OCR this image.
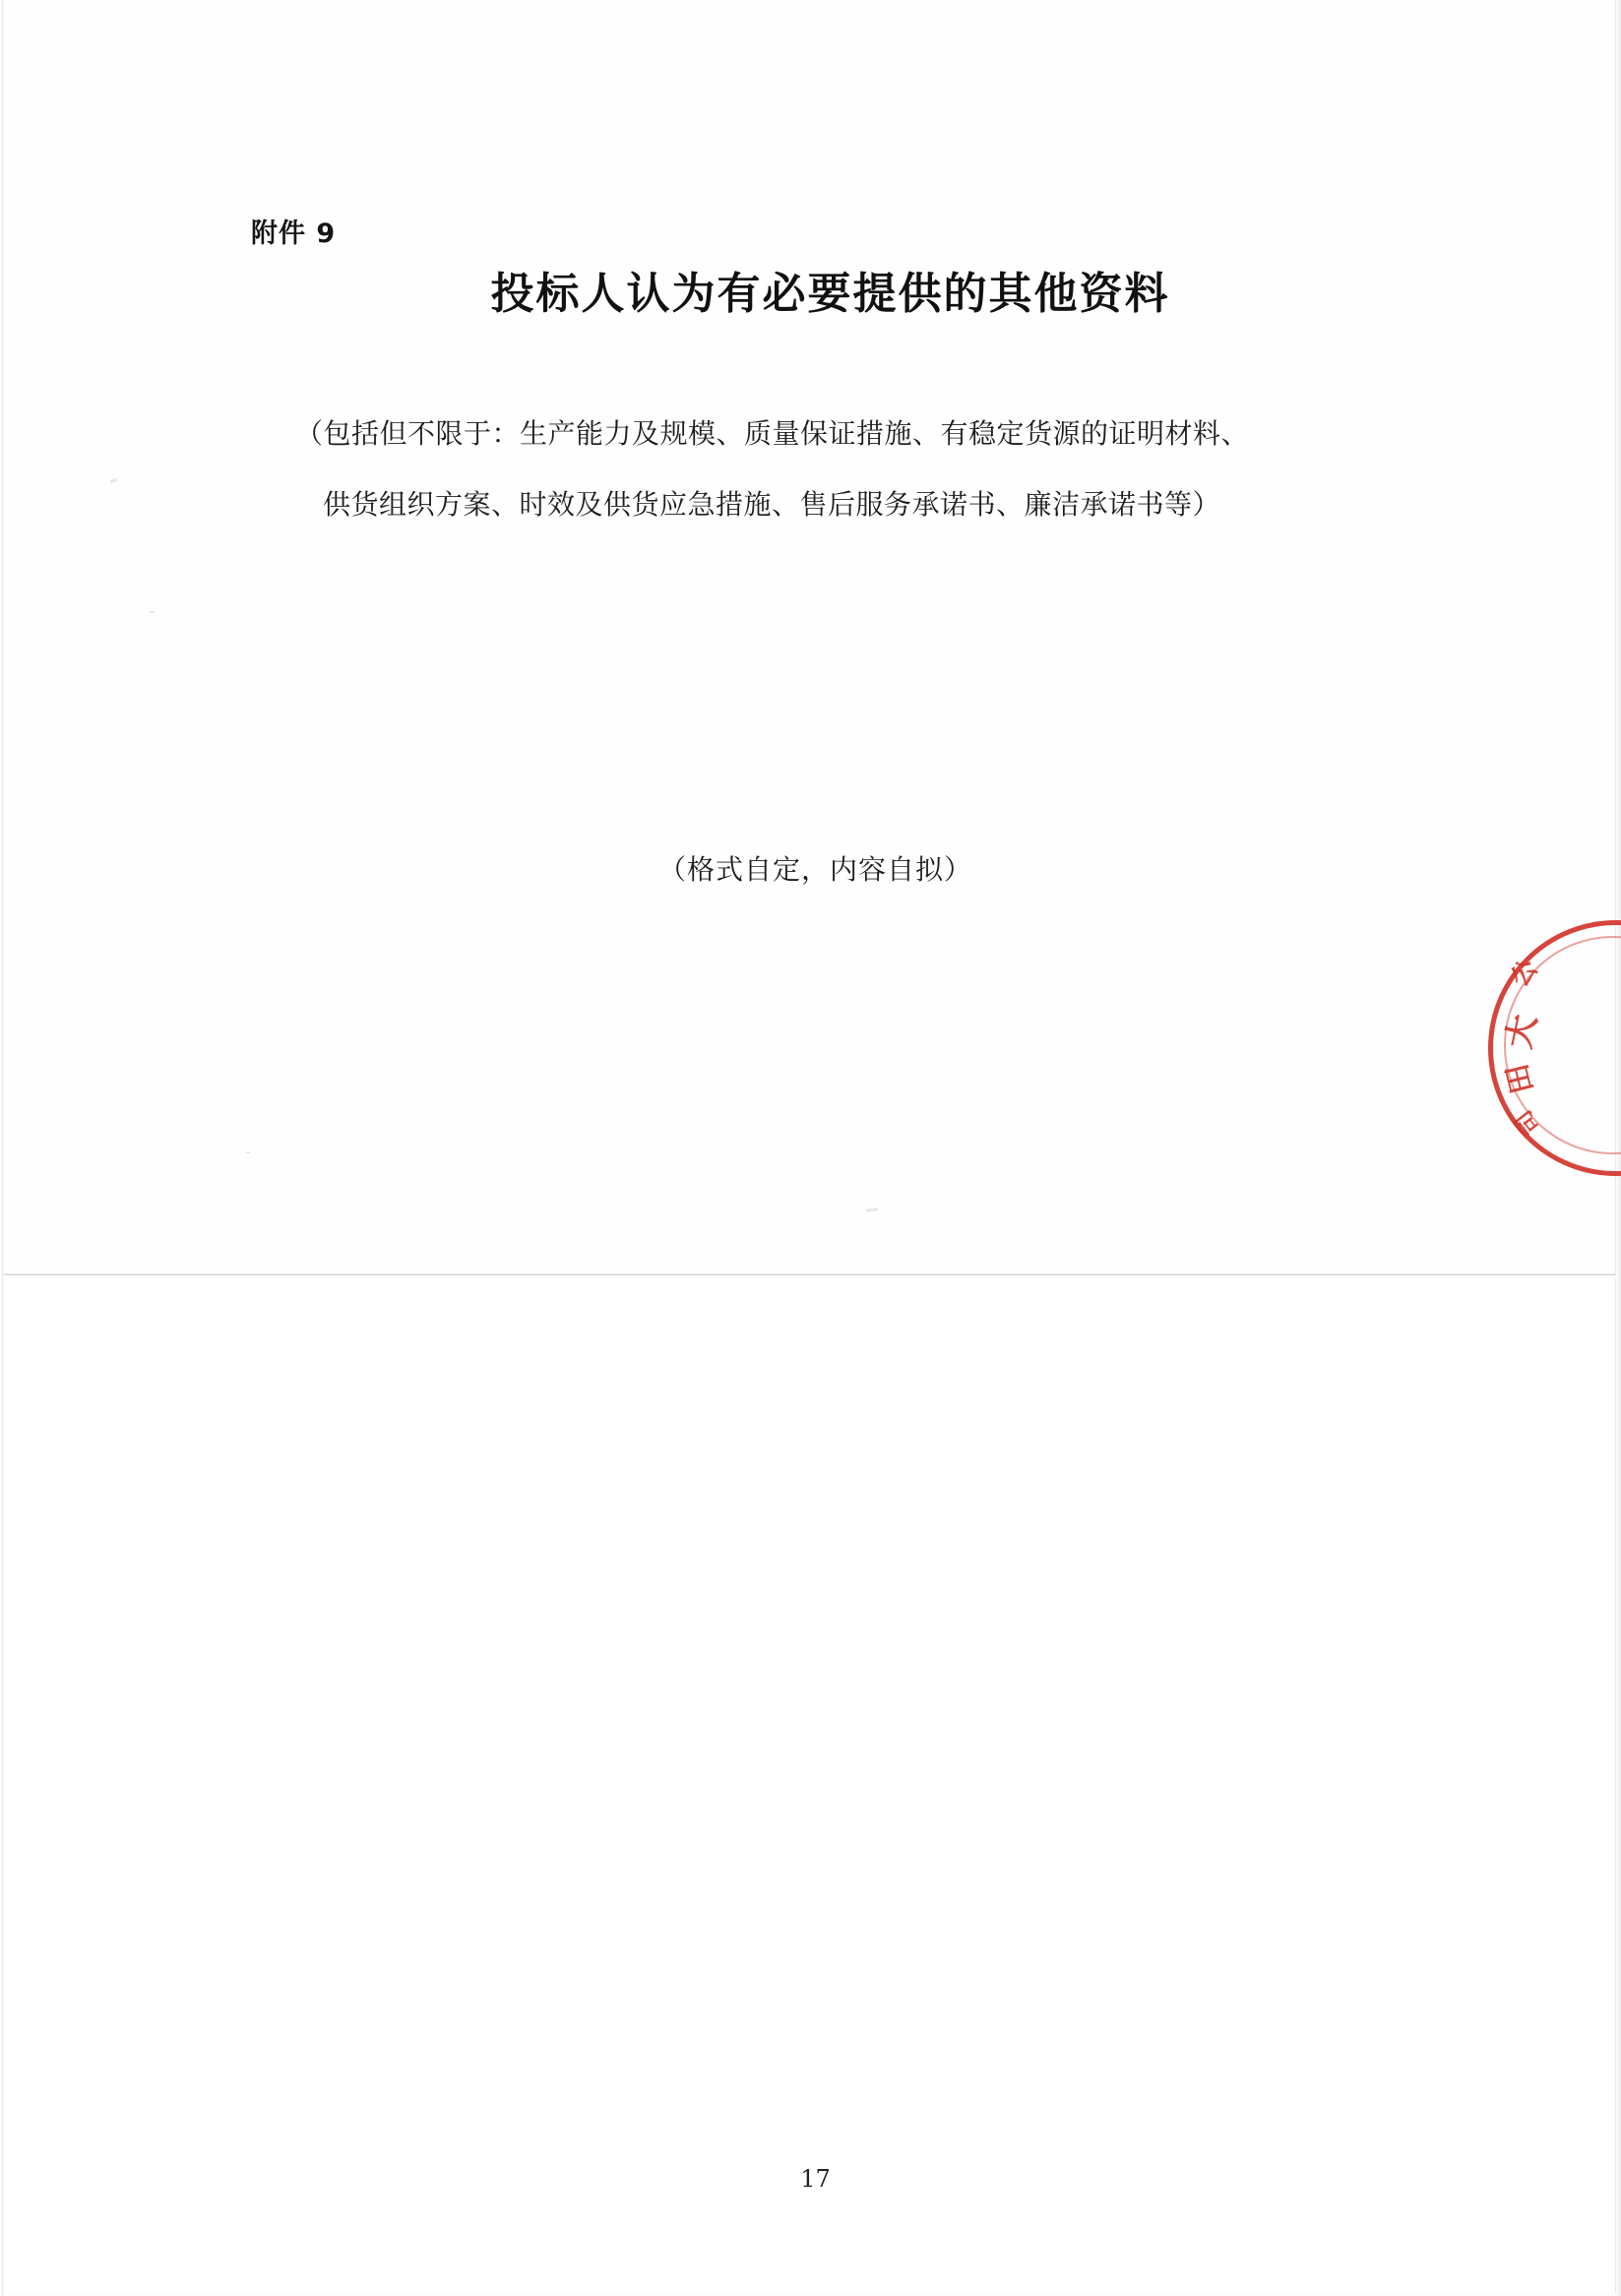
附件 9
投标人认为有必要提供的其他资料
（包括但不限于：生产能力及规模、质量保证措施、有稳定货源的证明材料、
供货组织方案、时效及供货应急措施、售后服务承诺书、廉洁承诺书等）
（格式自定，内容自拟）
公
大
田
司
17
